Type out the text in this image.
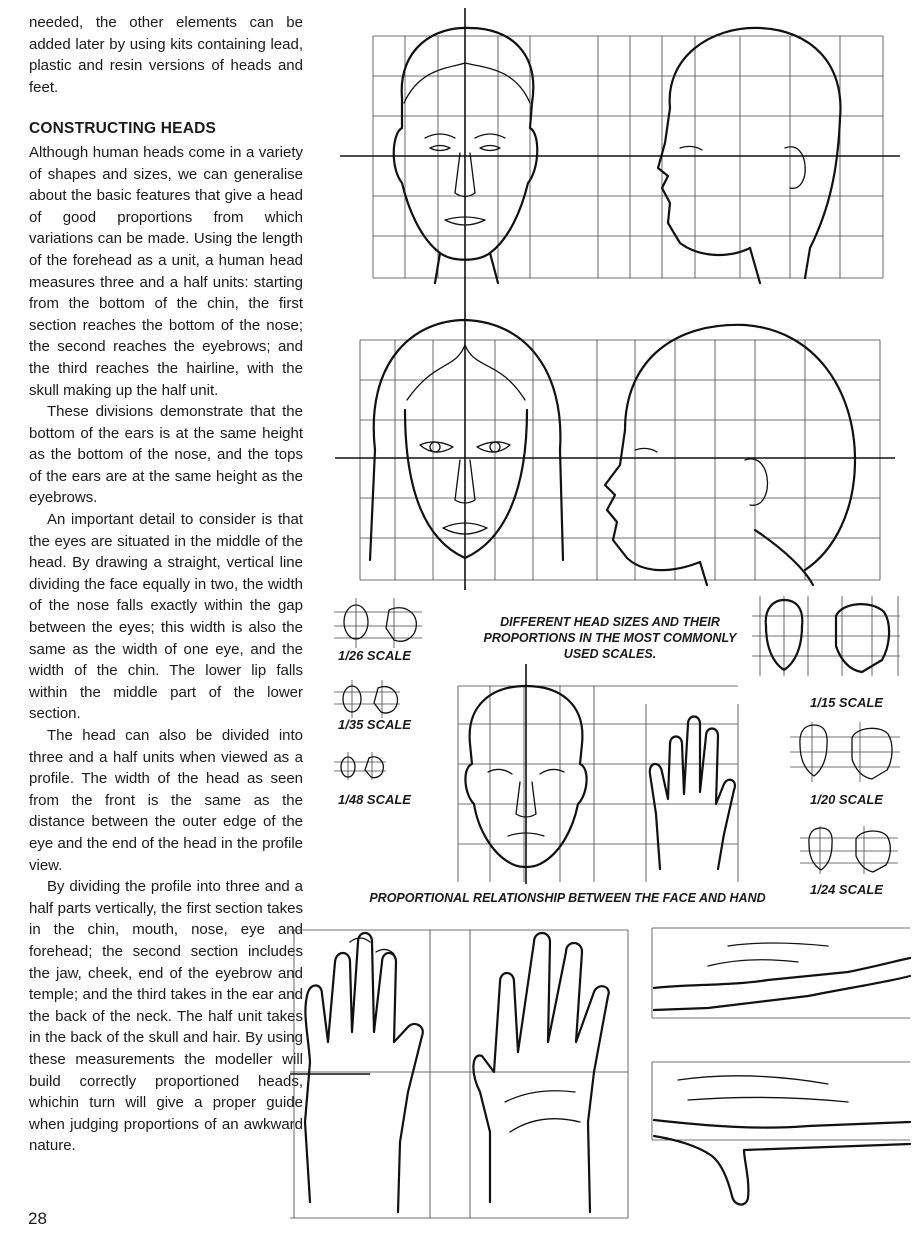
needed, the other elements can be added later by using kits containing lead, plastic and resin versions of heads and feet.

CONSTRUCTING HEADS

Although human heads come in a variety of shapes and sizes, we can generalise about the basic features that give a head of good proportions from which variations can be made. Using the length of the forehead as a unit, a human head measures three and a half units: starting from the bottom of the chin, the first section reaches the bottom of the nose; the second reaches the eyebrows; and the third reaches the hairline, with the skull making up the half unit.

These divisions demonstrate that the bottom of the ears is at the same height as the bottom of the nose, and the tops of the ears are at the same height as the eyebrows.

An important detail to consider is that the eyes are situated in the middle of the head. By drawing a straight, vertical line dividing the face equally in two, the width of the nose falls exactly within the gap between the eyes; this width is also the same as the width of one eye, and the width of the chin. The lower lip falls within the middle part of the lower section.

The head can also be divided into three and a half units when viewed as a profile. The width of the head as seen from the front is the same as the distance between the outer edge of the eye and the end of the head in the profile view.

By dividing the profile into three and a half parts vertically, the first section takes in the chin, mouth, nose, eye and forehead; the second section includes the jaw, cheek, end of the eyebrow and temple; and the third takes in the ear and the back of the neck. The half unit takes in the back of the skull and hair. By using these measurements the modeller will build correctly proportioned heads, whichin turn will give a proper guide when judging proportions of an awkward nature.

28
1/26 SCALE
1/35 SCALE
1/48 SCALE
DIFFERENT HEAD SIZES AND THEIR PROPORTIONS IN THE MOST COMMONLY USED SCALES.
1/15 SCALE
1/20 SCALE
1/24 SCALE
PROPORTIONAL RELATIONSHIP BETWEEN THE FACE AND HAND
